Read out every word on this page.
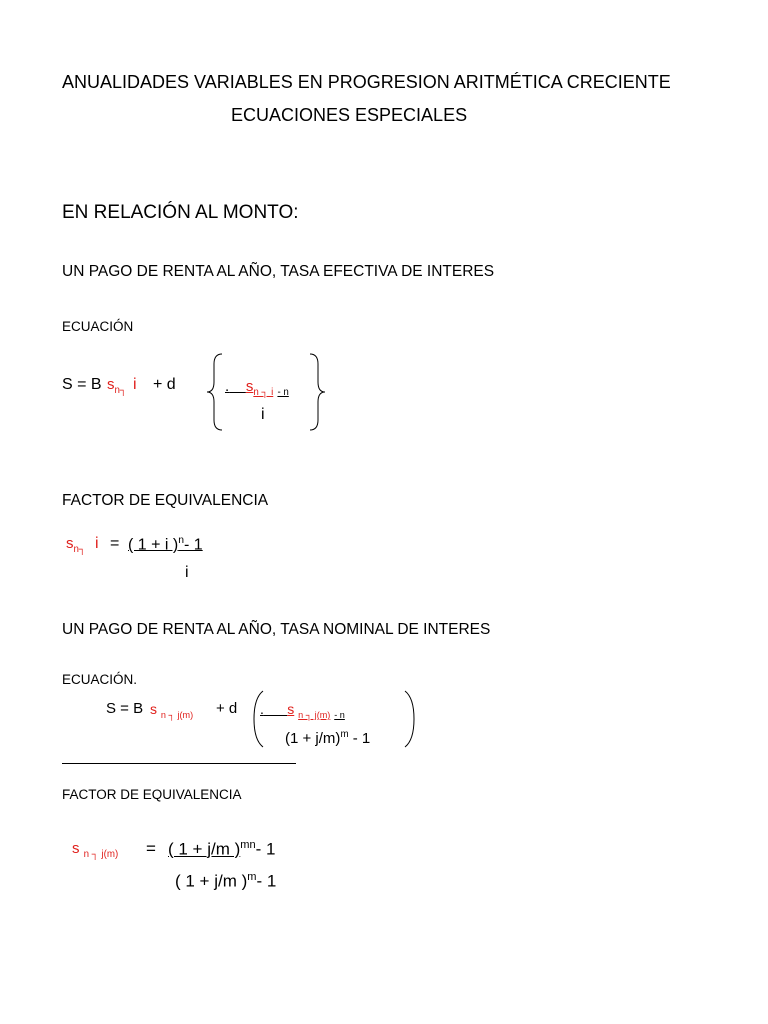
ANUALIDADES VARIABLES EN PROGRESION ARITMÉTICA CRECIENTE
ECUACIONES ESPECIALES
EN RELACIÓN AL MONTO:
UN PAGO DE RENTA AL AÑO, TASA EFECTIVA DE INTERES
ECUACIÓN
S = B $s_{n┐}$ i + d	. $s_{n ┐ i}$ $_{- n}$
i
FACTOR DE EQUIVALENCIA
$s_{n┐}$ i = ( 1 + i )$^n$- 1
i
UN PAGO DE RENTA AL AÑO, TASA NOMINAL DE INTERES
ECUACIÓN.
S = B s $_{n ┐ j(m)}$ + d . s $_{n ┐ j(m)}$ $_{- n}$
$(1 + j/m)^m - 1$
FACTOR DE EQUIVALENCIA
s $_{n ┐ j(m)}$ = ( 1 + j/m )$^{mn}$- 1
( 1 + j/m )$^m$- 1
